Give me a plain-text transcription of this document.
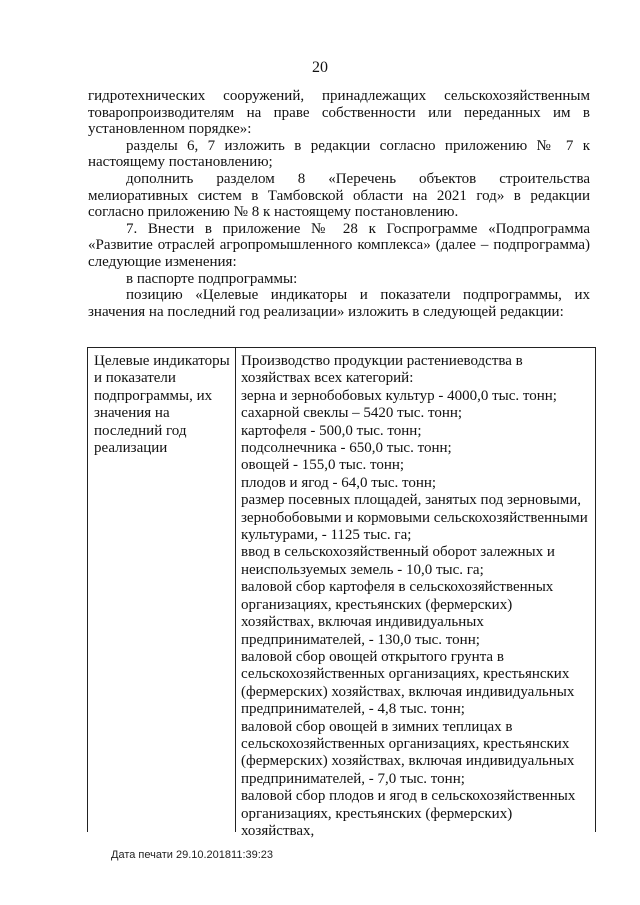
20

гидротехнических сооружений, принадлежащих сельскохозяйственным товаропроизводителям на праве собственности или переданных им в установленном порядке»:

разделы 6, 7 изложить в редакции согласно приложению № 7 к настоящему постановлению;

дополнить разделом 8 «Перечень объектов строительства мелиоративных систем в Тамбовской области на 2021 год» в редакции согласно приложению № 8 к настоящему постановлению.

7. Внести в приложение № 28 к Госпрограмме «Подпрограмма «Развитие отраслей агропромышленного комплекса» (далее – подпрограмма) следующие изменения:

в паспорте подпрограммы:

позицию «Целевые индикаторы и показатели подпрограммы, их значения на последний год реализации» изложить в следующей редакции:

Целевые индикаторы и показатели подпрограммы, их значения на последний год реализации
Производство продукции растениеводства в хозяйствах всех категорий:
зерна и зернобобовых культур - 4000,0 тыс. тонн;
сахарной свеклы – 5420 тыс. тонн;
картофеля - 500,0 тыс. тонн;
подсолнечника - 650,0 тыс. тонн;
овощей - 155,0 тыс. тонн;
плодов и ягод - 64,0 тыс. тонн;
размер посевных площадей, занятых под зерновыми, зернобобовыми и кормовыми сельскохозяйственными культурами, - 1125 тыс. га;
ввод в сельскохозяйственный оборот залежных и неиспользуемых земель - 10,0 тыс. га;
валовой сбор картофеля в сельскохозяйственных организациях, крестьянских (фермерских) хозяйствах, включая индивидуальных предпринимателей, - 130,0 тыс. тонн;
валовой сбор овощей открытого грунта в сельскохозяйственных организациях, крестьянских (фермерских) хозяйствах, включая индивидуальных предпринимателей, - 4,8 тыс. тонн;
валовой сбор овощей в зимних теплицах в сельскохозяйственных организациях, крестьянских (фермерских) хозяйствах, включая индивидуальных предпринимателей, - 7,0 тыс. тонн;
валовой сбор плодов и ягод в сельскохозяйственных организациях, крестьянских (фермерских) хозяйствах,
Дата печати 29.10.201811:39:23
